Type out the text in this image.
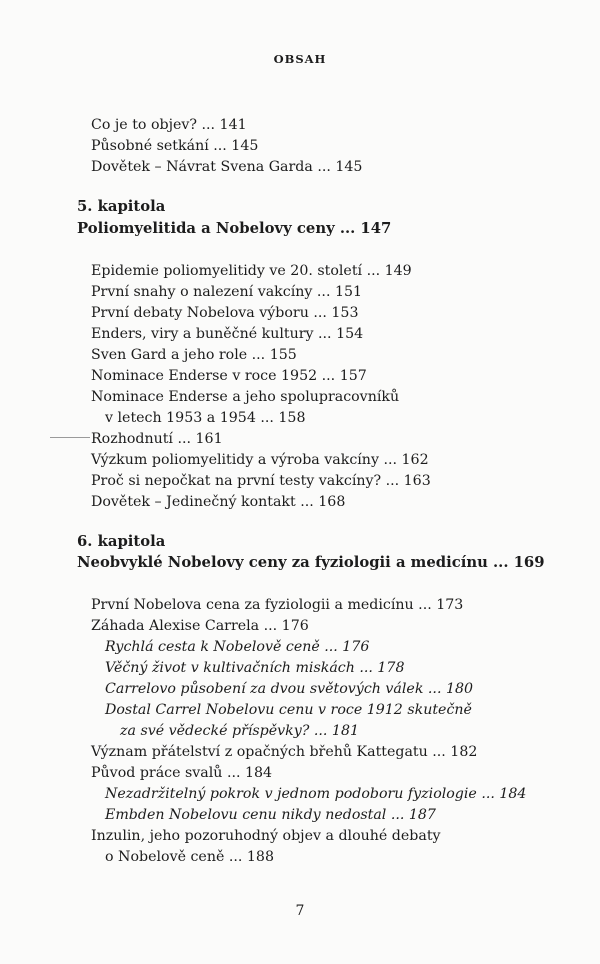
OBSAH
Co je to objev? ... 141
Působné setkání ... 145
Dovětek – Návrat Svena Garda ... 145
5. kapitola
Poliomyelitida a Nobelovy ceny ... 147
Epidemie poliomyelitidy ve 20. století ... 149
První snahy o nalezení vakcíny ... 151
První debaty Nobelova výboru ... 153
Enders, viry a buněčné kultury ... 154
Sven Gard a jeho role ... 155
Nominace Enderse v roce 1952 ... 157
Nominace Enderse a jeho spolupracovníků
v letech 1953 a 1954 ... 158
Rozhodnutí ... 161
Výzkum poliomyelitidy a výroba vakcíny ... 162
Proč si nepočkat na první testy vakcíny? ... 163
Dovětek – Jedinečný kontakt ... 168
6. kapitola
Neobvyklé Nobelovy ceny za fyziologii a medicínu ... 169
První Nobelova cena za fyziologii a medicínu ... 173
Záhada Alexise Carrela ... 176
Rychlá cesta k Nobelově ceně ... 176
Věčný život v kultivačních miskách ... 178
Carrelovo působení za dvou světových válek ... 180
Dostal Carrel Nobelovu cenu v roce 1912 skutečně
za své vědecké příspěvky? ... 181
Význam přátelství z opačných břehů Kattegatu ... 182
Původ práce svalů ... 184
Nezadržitelný pokrok v jednom podoboru fyziologie ... 184
Embden Nobelovu cenu nikdy nedostal ... 187
Inzulin, jeho pozoruhodný objev a dlouhé debaty
o Nobelově ceně ... 188
7
